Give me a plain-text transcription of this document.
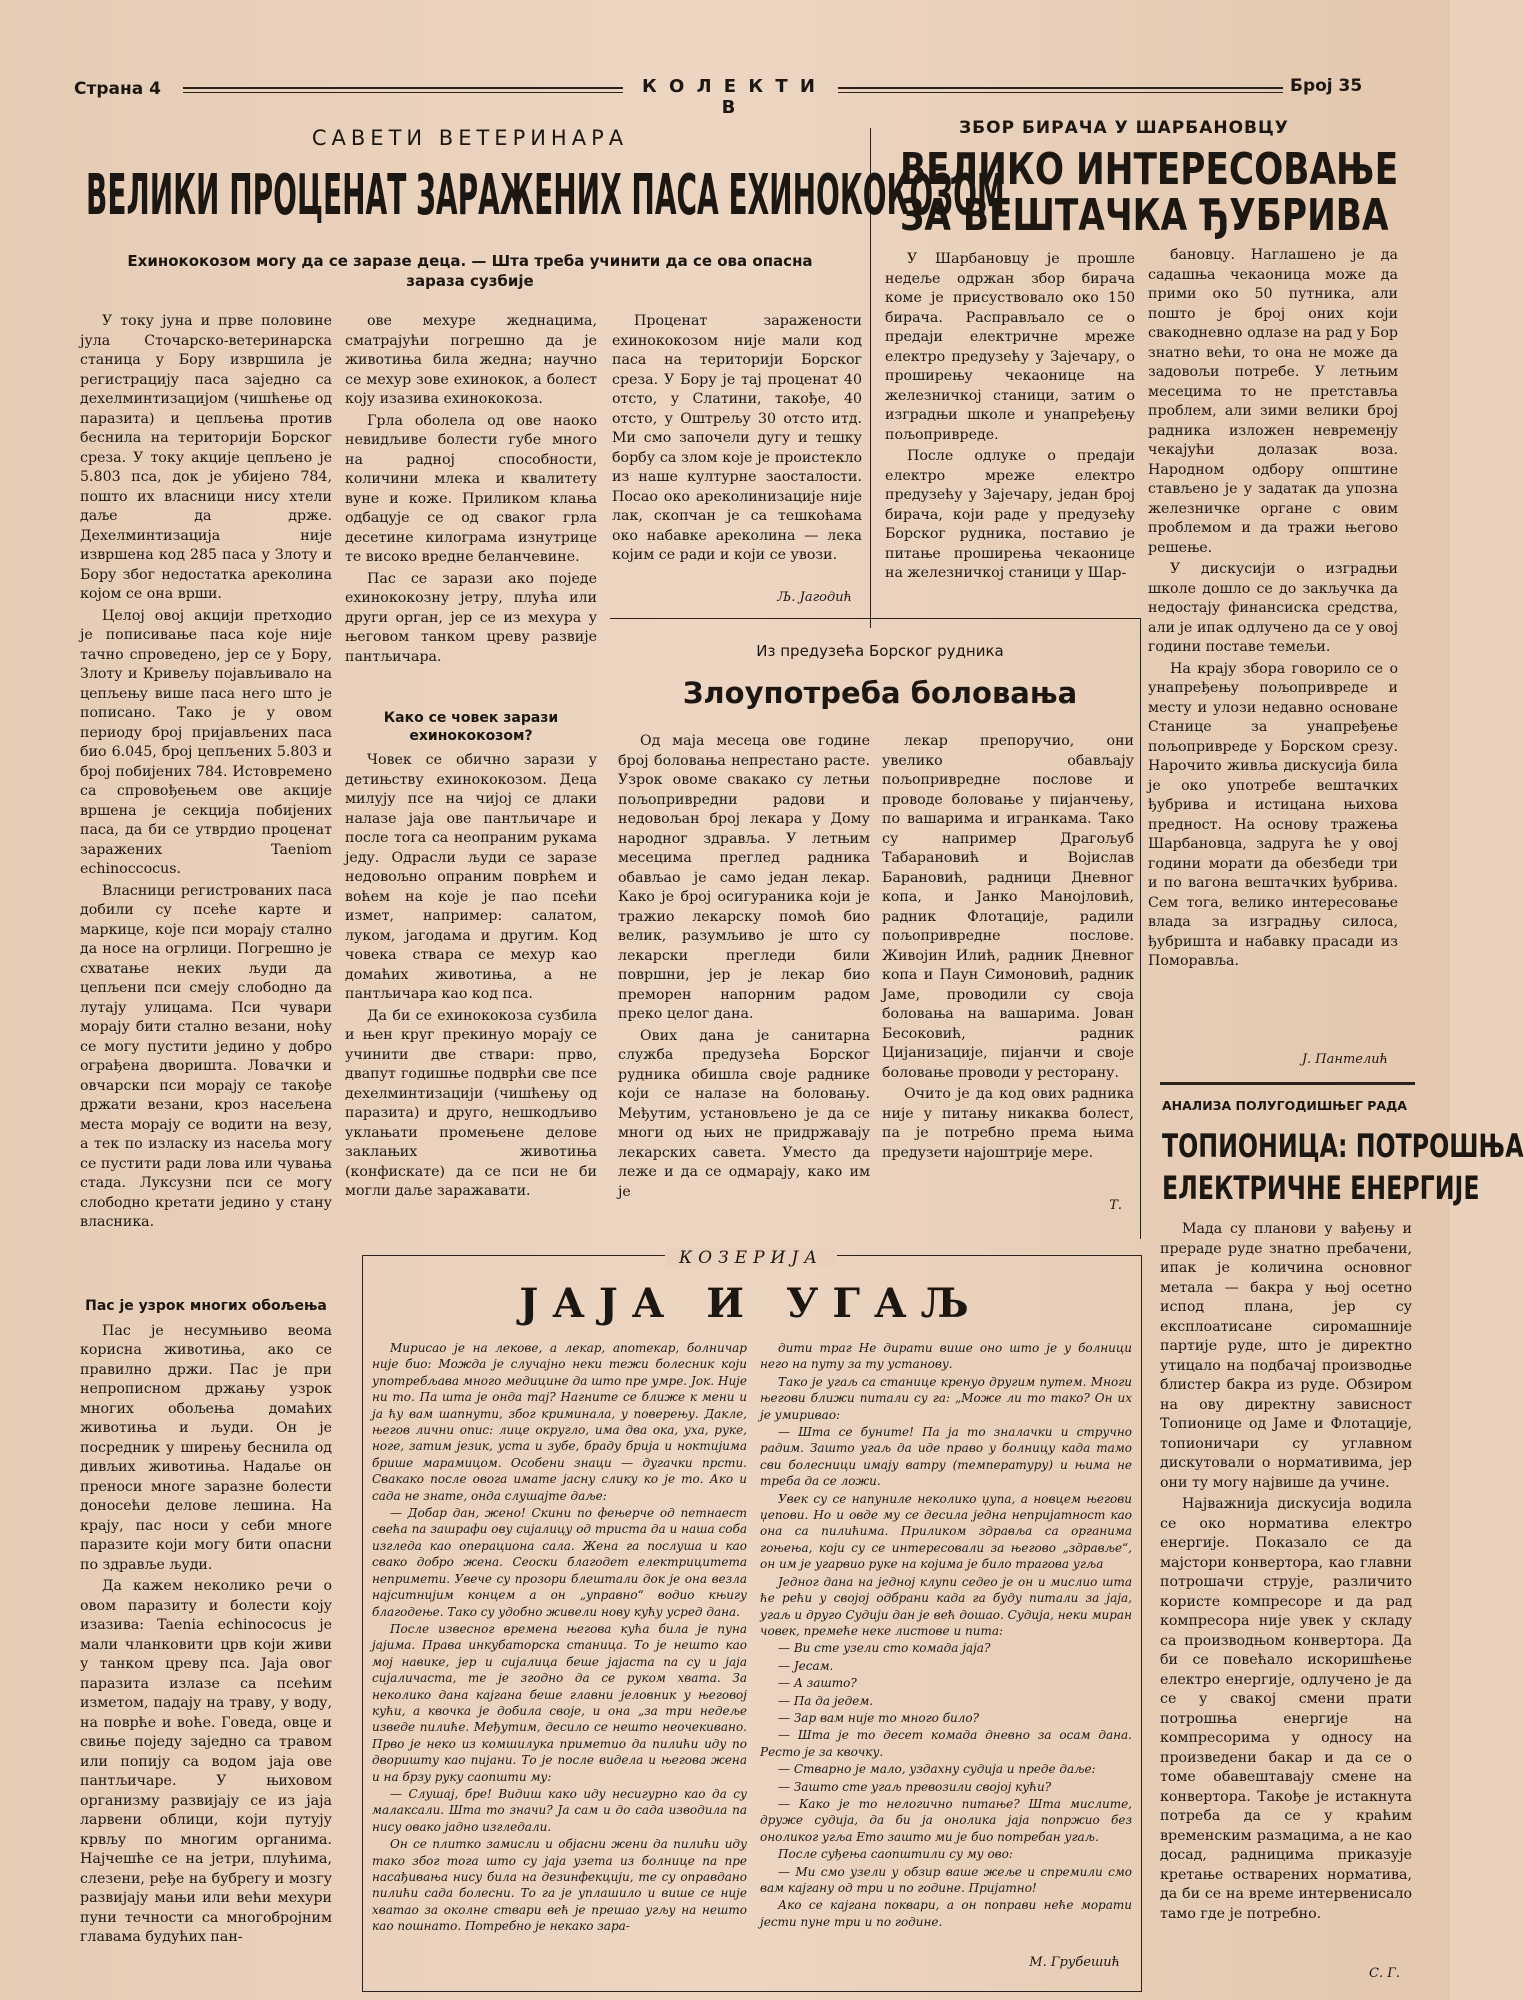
Страна 4	К О Л Е К Т И В
Број 35
САВЕТИ ВЕТЕРИНАРА
ВЕЛИКИ ПРОЦЕНАТ ЗАРАЖЕНИХ ПАСА ЕХИНОКОКОЗОМ
Ехинококозом могу да се заразе деца. — Шта треба учинити да се ова опасна зараза сузбије

У току јуна и прве половине јула Сточарско-ветеринарска станица у Бору извршила је регистрацију паса заједно са дехелминтизацијом (чишћење од паразита) и цепљења против беснила на територији Борског среза. У току акције цепљено је 5.803 пса, док је убијено 784, пошто их власници нису хтели даље да држе. Дехелминтизација није извршена код 285 паса у Злоту и Бору због недостатка ареколина којом се она врши.

Целој овој акцији претходио је пописивање паса које није тачно спроведено, јер се у Бору, Злоту и Кривељу појављивало на цепљењу више паса него што је пописано. Тако је у овом периоду број пријављених паса био 6.045, број цепљених 5.803 и број побијених 784. Истовремено са спровођењем ове акције вршена је секција побијених паса, да би се утврдио проценат заражених Taeniom echinoccocus.

Власници регистрованих паса добили су псеће карте и маркице, које пси морају стално да носе на огрлици. Погрешно је схватање неких људи да цепљени пси смеју слободно да лутају улицама. Пси чувари морају бити стално везани, ноћу се могу пустити једино у добро ограђена дворишта. Ловачки и овчарски пси морају се такође држати везани, кроз насељена места морају се водити на везу, а тек по изласку из насеља могу се пустити ради лова или чувања стада. Луксузни пси се могу слободно кретати једино у стану власника.

Пас је узрок многих обољења

Пас је несумњиво веома корисна животиња, ако се правилно држи. Пас је при непрописном држању узрок многих обољења домаћих животиња и људи. Он је посредник у ширењу беснила од дивљих животиња. Надаље он преноси многе заразне болести доносећи делове лешина. На крају, пас носи у себи многе паразите који могу бити опасни по здравље људи.

Да кажем неколико речи о овом паразиту и болести коју изазива: Taenia echinococus је мали чланковити црв који живи у танком цреву пса. Јаја овог паразита излазе са псећим изметом, падају на траву, у воду, на поврће и воће. Говеда, овце и свиње поједу заједно са травом или попију са водом јаја ове пантљичаре. У њиховом организму развијају се из јаја ларвени облици, који путују крвљу по многим органима. Најчешће се на јетри, плућима, слезени, ређе на бубрегу и мозгу развијају мањи или већи мехури пуни течности са многобројним главама будућих пан-

ове мехуре жеднацима, сматрајући погрешно да је животиња била жедна; научно се мехур зове ехинокок, а болест коју изазива ехинококоза.

Грла оболела од ове наоко невидљиве болести губе много на радној способности, количини млека и квалитету вуне и коже. Приликом клања одбацује се од сваког грла десетине килограма изнутрице те високо вредне беланчевине.

Пас се зарази ако поједе ехинококозну јетру, плућа или други орган, јер се из мехура у његовом танком цреву развије пантљичара.

Како се човек зарази ехинококозом?

Човек се обично зарази у детињству ехинококозом. Деца милују псе на чијој се длаки налазе јаја ове пантљичаре и после тога са неопраним рукама једу. Одрасли људи се заразе недовољно опраним поврћем и воћем на које је пао псећи измет, например: салатом, луком, јагодама и другим. Код човека ствара се мехур као домаћих животиња, а не пантљичара као код пса.

Да би се ехинококоза сузбила и њен круг прекинуо морају се учинити две ствари: прво, двапут годишње подврћи све псе дехелминтизацији (чишћењу од паразита) и друго, нешкодљиво уклањати промењене делове заклањих животиња (конфискате) да се пси не би могли даље заражавати.

Проценат заражености ехинококозом није мали код паса на територији Борског среза. У Бору је тај проценат 40 отсто, у Слатини, такође, 40 отсто, у Оштрељу 30 отсто итд. Ми смо започели дугу и тешку борбу са злом које је проистекло из наше културне заосталости. Посао око ареколинизације није лак, скопчан је са тешкоћама око набавке ареколина — лека којим се ради и који се увози.

Љ. Јагодић
ЗБОР БИРАЧА У ШАРБАНОВЦУ
ВЕЛИКО ИНТЕРЕСОВАЊЕ
ЗА ВЕШТАЧКА ЂУБРИВА

У Шарбановцу је прошле недеље одржан збор бирача коме је присуствовало око 150 бирача. Расправљало се о предаји електричне мреже електро предузећу у Зајечару, о проширењу чекаонице на железничкој станици, затим о изградњи школе и унапређењу пољопривреде.

После одлуке о предаји електро мреже електро предузећу у Зајечару, један број бирача, који раде у предузећу Борског рудника, поставио је питање проширења чекаонице на железничкој станици у Шар-

бановцу. Наглашено је да садашња чекаоница може да прими око 50 путника, али пошто је број оних који свакодневно одлазе на рад у Бор знатно већи, то она не може да задовољи потребе. У летњим месецима то не претставља проблем, али зими велики број радника изложен невременју чекајући долазак воза. Народном одбору општине стављено је у задатак да упозна железничке органе с овим проблемом и да тражи његово решење.

У дискусији о изградњи школе дошло се до закључка да недостају финансиска средства, али је ипак одлучено да се у овој години поставе темељи.

На крају збора говорило се о унапређењу пољопривреде и месту и улози недавно основане Станице за унапређење пољопривреде у Борском срезу. Нарочито живља дискусија била је око употребе вештачких ђубрива и истицана њихова предност. На основу тражења Шарбановца, задруга ће у овој години морати да обезбеди три и по вагона вештачких ђубрива. Сем тога, велико интересовање влада за изградњу силоса, ђубришта и набавку прасади из Поморавља.

Ј. Пантелић
Из предузећа Борског рудника
Злоупотреба боловања

Од маја месеца ове године број боловања непрестано расте. Узрок овоме свакако су летњи пољопривредни радови и недовољан број лекара у Дому народног здравља. У летњим месецима преглед радника обављао је само један лекар. Како је број осигураника који је тражио лекарску помоћ био велик, разумљиво је што су лекарски прегледи били површни, јер је лекар био преморен напорним радом преко целог дана.

Ових дана је санитарна служба предузећа Борског рудника обишла своје раднике који се налазе на боловању. Међутим, установљено је да се многи од њих не придржавају лекарских савета. Уместо да леже и да се одмарају, како им је

лекар препоручио, они увелико обављају пољопривредне послове и проводе боловање у пијанчењу, по вашарима и игранкама. Тако су например Драгољуб Табарановић и Војислав Барановић, радници Дневног копа, и Јанко Манојловић, радник Флотације, радили пољопривредне послове. Живојин Илић, радник Дневног копа и Паун Симоновић, радник Јаме, проводили су своја боловања на вашарима. Јован Бесоковић, радник Цијанизације, пијанчи и своје боловање проводи у ресторану.

Очито је да код ових радника није у питању никаква болест, па је потребно према њима предузети најоштрије мере.

Т.
АНАЛИЗА ПОЛУГОДИШЊЕГ РАДА
ТОПИОНИЦА: ПОТРОШЊА
ЕЛЕКТРИЧНЕ ЕНЕРГИЈЕ

Мада су планови у вађењу и прераде руде знатно пребачени, ипак је количина основног метала — бакра у њој осетно испод плана, јер су експлоатисане сиромашније партије руде, што је директно утицало на подбачај производње блистер бакра из руде. Обзиром на ову директну зависност Топионице од Јаме и Флотације, топионичари су углавном дискутовали о нормативима, јер они ту могу највише да учине.

Најважнија дискусија водила се око норматива електро енергије. Показало се да мајстори конвертора, као главни потрошачи струје, различито користе компресоре и да рад компресора није увек у складу са производњом конвертора. Да би се повећало искоришћење електро енергије, одлучено је да се у свакој смени прати потрошња енергије на компресорима у односу на произведени бакар и да се о томе обавештавају смене на конвертора. Такође је истакнута потреба да се у краћим временским размацима, а не као досад, радницима приказује кретање остварених норматива, да би се на време интервенисало тамо где је потребно.

С. Г.
КОЗЕРИЈА
ЈАЈА И УГАЉ

Мирисао је на лекове, а лекар, апотекар, болничар није био: Можда је случајно неки тежи болесник који употребљава много медицине да што пре умре. Јок. Није ни то. Па шта је онда тај? Нагните се ближе к мени и ја ћу вам шапнути, због криминала, у поверењу. Дакле, његов лични опис: лице округло, има два ока, уха, руке, ноге, затим језик, уста и зубе, браду брија и ноктијима брише марамицом. Особени знаци — дугачки прсти. Свакако после овога имате јасну слику ко је то. Ако и сада не знате, онда слушајте даље:

— Добар дан, жено! Скини по фењерче од петнаест свећа па зашрафи ову сијалицу од триста да и наша соба изгледа као операциона сала. Жена га послуша и као свако добро жена. Сеоски благодет електрицитета непримети. Увече су прозори блештали док је она везла најситнијим концем а он „управно“ водио књигу благодење. Тако су удобно живели нову кућу усред дана.

После извесног времена његова кућа била је пуна јајима. Права инкубаторска станица. То је нешто као мој навике, јер и сијалица беше јајаста па су и јаја сијаличаста, те је згодно да се руком хвата. За неколико дана кајгана беше главни јеловник у његовој кући, а квочка је добила своје, и она „за три недеље изведе пилиће. Међутим, десило се нешто неочекивано. Прво је неко из комшилука приметио да пилићи иду по дворишту као пијани. То је после видела и његова жена и на брзу руку саопшти му:

— Слушај, бре! Видиш како иду несигурно као да су малаксали. Шта то значи? Ја сам и до сада изводила па нису овако јадно изгледали.

Он се плитко замисли и објасни жени да пилићи иду тако због тога што су јаја узета из болнице па пре насађивања нису била на дезинфекцији, те су оправдано пилићи сада болесни. То га је уплашило и више се није хватао за околне ствари већ је прешао угљу на нешто као пошнато. Потребно је некако зара-

дити траг Не дирати више оно што је у болници него на путу за ту установу.

Тако је угаљ са станице кренуо другим путем. Многи његови ближи питали су га: „Може ли то тако? Он их је умиривао:

— Шта се буните! Па ја то зналачки и стручно радим. Зашто угаљ да иде право у болницу када тамо сви болесници имају ватру (температуру) и њима не треба да се ложи.

Увек су се напуниле неколико џупа, а новцем његови џепови. Но и овде му се десила једна непријатност као она са пилићима. Приликом здравља са органима гоњења, који су се интересовали за његово „здравље“, он им је угарвио руке на којима је било трагова угља

Једног дана на једној клупи седео је он и мислио шта ће рећи у својој одбрани када га буду питали за јаја, угаљ и друго Судији дан је већ дошао. Судија, неки миран човек, премеће неке листове и пита:

— Ви сте узели сто комада јаја?

— Јесам.

— А зашто?

— Па да једем.

— Зар вам није то много било?

— Шта је то десет комада дневно за осам дана. Ресто је за квочку.

— Стварно је мало, уздахну судија и преде даље:

— Зашто сте угаљ превозили својој кући?

— Како је то нелогично питање? Шта мислите, друже судија, да би ја онолика јаја попржио без оноликог угља Ето зашто ми је био потребан угаљ.

После суђења саопштили су му ово:

— Ми смо узели у обзир ваше жеље и спремили смо вам кајгану од три и по године. Пријатно!

Ако се кајгана поквари, а он поправи неће морати јести пуне три и по године.

М. Грубешић
